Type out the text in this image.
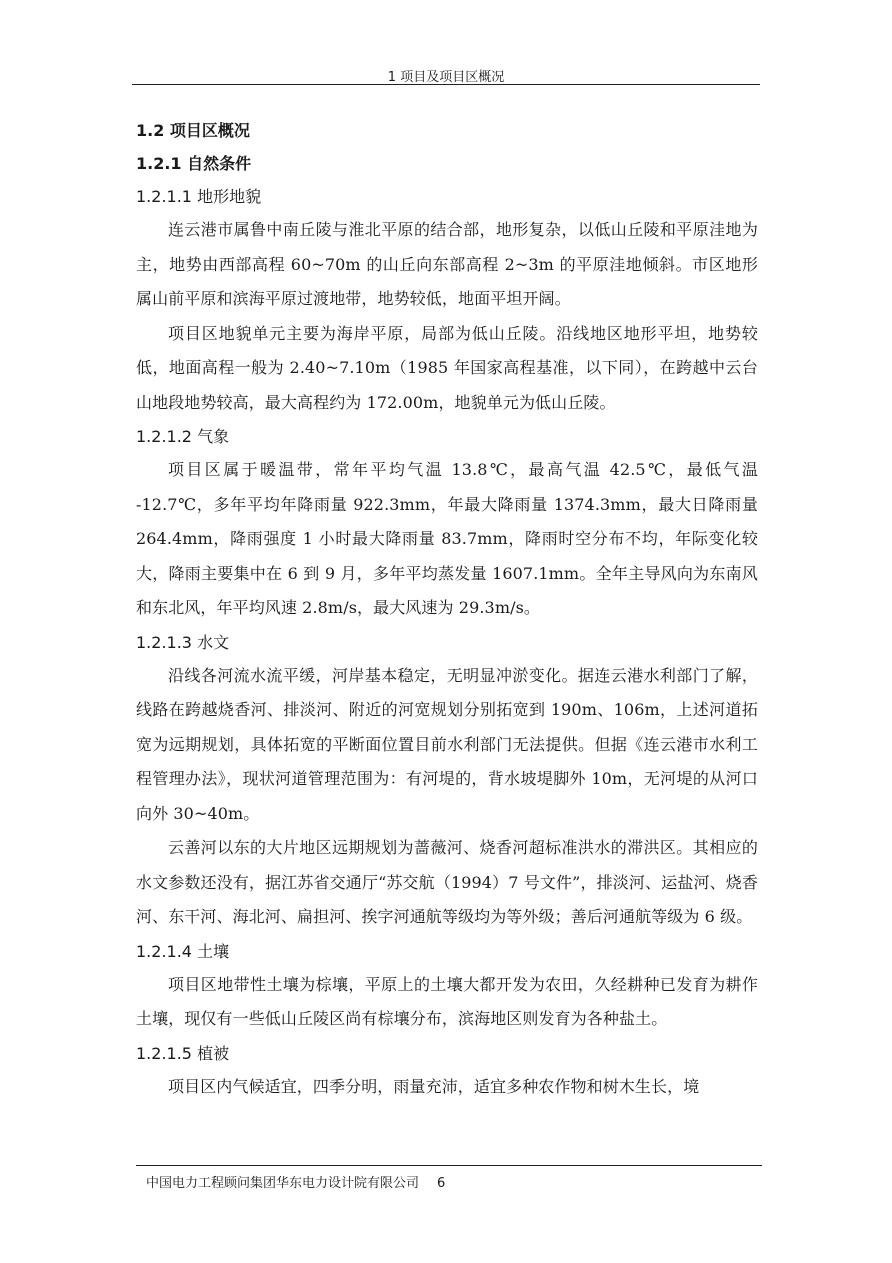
1 项目及项目区概况
1.2 项目区概况
1.2.1 自然条件
1.2.1.1 地形地貌

连云港市属鲁中南丘陵与淮北平原的结合部，地形复杂，以低山丘陵和平原洼地为主，地势由西部高程 60~70m 的山丘向东部高程 2~3m 的平原洼地倾斜。市区地形属山前平原和滨海平原过渡地带，地势较低，地面平坦开阔。

项目区地貌单元主要为海岸平原，局部为低山丘陵。沿线地区地形平坦，地势较低，地面高程一般为 2.40~7.10m（1985 年国家高程基准，以下同），在跨越中云台山地段地势较高，最大高程约为 172.00m，地貌单元为低山丘陵。

1.2.1.2 气象

项目区属于暖温带，常年平均气温 13.8℃，最高气温 42.5℃，最低气温 -12.7℃，多年平均年降雨量 922.3mm，年最大降雨量 1374.3mm，最大日降雨量 264.4mm，降雨强度 1 小时最大降雨量 83.7mm，降雨时空分布不均，年际变化较大，降雨主要集中在 6 到 9 月，多年平均蒸发量 1607.1mm。全年主导风向为东南风和东北风，年平均风速 2.8m/s，最大风速为 29.3m/s。

1.2.1.3 水文

沿线各河流水流平缓，河岸基本稳定，无明显冲淤变化。据连云港水利部门了解，线路在跨越烧香河、排淡河、附近的河宽规划分别拓宽到 190m、106m，上述河道拓宽为远期规划，具体拓宽的平断面位置目前水利部门无法提供。但据《连云港市水利工程管理办法》，现状河道管理范围为：有河堤的，背水坡堤脚外 10m，无河堤的从河口向外 30~40m。

云善河以东的大片地区远期规划为蔷薇河、烧香河超标准洪水的滞洪区。其相应的水文参数还没有，据江苏省交通厅“苏交航（1994）7 号文件”，排淡河、运盐河、烧香河、东干河、海北河、扁担河、挨字河通航等级均为等外级；善后河通航等级为 6 级。

1.2.1.4 土壤

项目区地带性土壤为棕壤，平原上的土壤大都开发为农田，久经耕种已发育为耕作土壤，现仅有一些低山丘陵区尚有棕壤分布，滨海地区则发育为各种盐土。

1.2.1.5 植被

项目区内气候适宜，四季分明，雨量充沛，适宜多种农作物和树木生长，境

中国电力工程顾问集团华东电力设计院有限公司 6
